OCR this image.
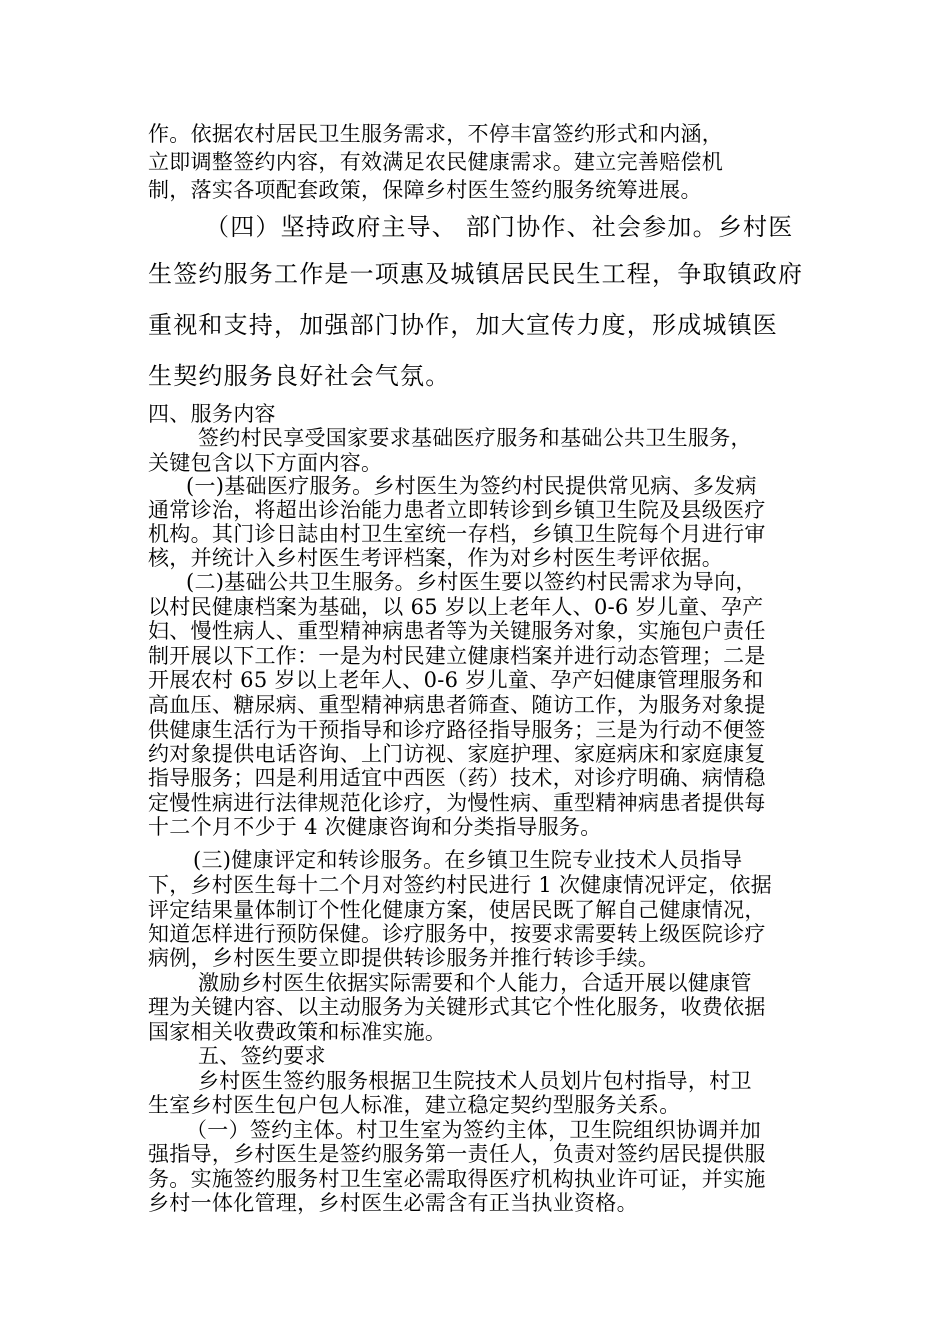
作。依据农村居民卫生服务需求，不停丰富签约形式和内涵，
立即调整签约内容，有效满足农民健康需求。建立完善赔偿机
制，落实各项配套政策，保障乡村医生签约服务统筹进展。
（四）坚持政府主导、 部门协作、社会参加。乡村医
生签约服务工作是一项惠及城镇居民民生工程，争取镇政府
重视和支持，加强部门协作，加大宣传力度，形成城镇医
生契约服务良好社会气氛。
四、服务内容
签约村民享受国家要求基础医疗服务和基础公共卫生服务，
关键包含以下方面内容。
(一)基础医疗服务。乡村医生为签约村民提供常见病、多发病
通常诊治，将超出诊治能力患者立即转诊到乡镇卫生院及县级医疗
机构。其门诊日誌由村卫生室统一存档，乡镇卫生院每个月进行审
核，并统计入乡村医生考评档案，作为对乡村医生考评依据。
(二)基础公共卫生服务。乡村医生要以签约村民需求为导向，
以村民健康档案为基础，以 65 岁以上老年人、0-6 岁儿童、孕产
妇、慢性病人、重型精神病患者等为关键服务对象，实施包户责任
制开展以下工作：一是为村民建立健康档案并进行动态管理；二是
开展农村 65 岁以上老年人、0-6 岁儿童、孕产妇健康管理服务和
高血压、糖尿病、重型精神病患者筛查、随访工作，为服务对象提
供健康生活行为干预指导和诊疗路径指导服务；三是为行动不便签
约对象提供电话咨询、上门访视、家庭护理、家庭病床和家庭康复
指导服务；四是利用适宜中西医（药）技术，对诊疗明确、病情稳
定慢性病进行法律规范化诊疗，为慢性病、重型精神病患者提供每
十二个月不少于 4 次健康咨询和分类指导服务。
(三)健康评定和转诊服务。在乡镇卫生院专业技术人员指导
下，乡村医生每十二个月对签约村民进行 1 次健康情况评定，依据
评定结果量体制订个性化健康方案，使居民既了解自己健康情况，
知道怎样进行预防保健。诊疗服务中，按要求需要转上级医院诊疗
病例，乡村医生要立即提供转诊服务并推行转诊手续。
激励乡村医生依据实际需要和个人能力，合适开展以健康管
理为关键内容、以主动服务为关键形式其它个性化服务，收费依据
国家相关收费政策和标准实施。
五、签约要求
乡村医生签约服务根据卫生院技术人员划片包村指导，村卫
生室乡村医生包户包人标准，建立稳定契约型服务关系。
（一）签约主体。村卫生室为签约主体，卫生院组织协调并加
强指导，乡村医生是签约服务第一责任人，负责对签约居民提供服
务。实施签约服务村卫生室必需取得医疗机构执业许可证，并实施
乡村一体化管理，乡村医生必需含有正当执业资格。
